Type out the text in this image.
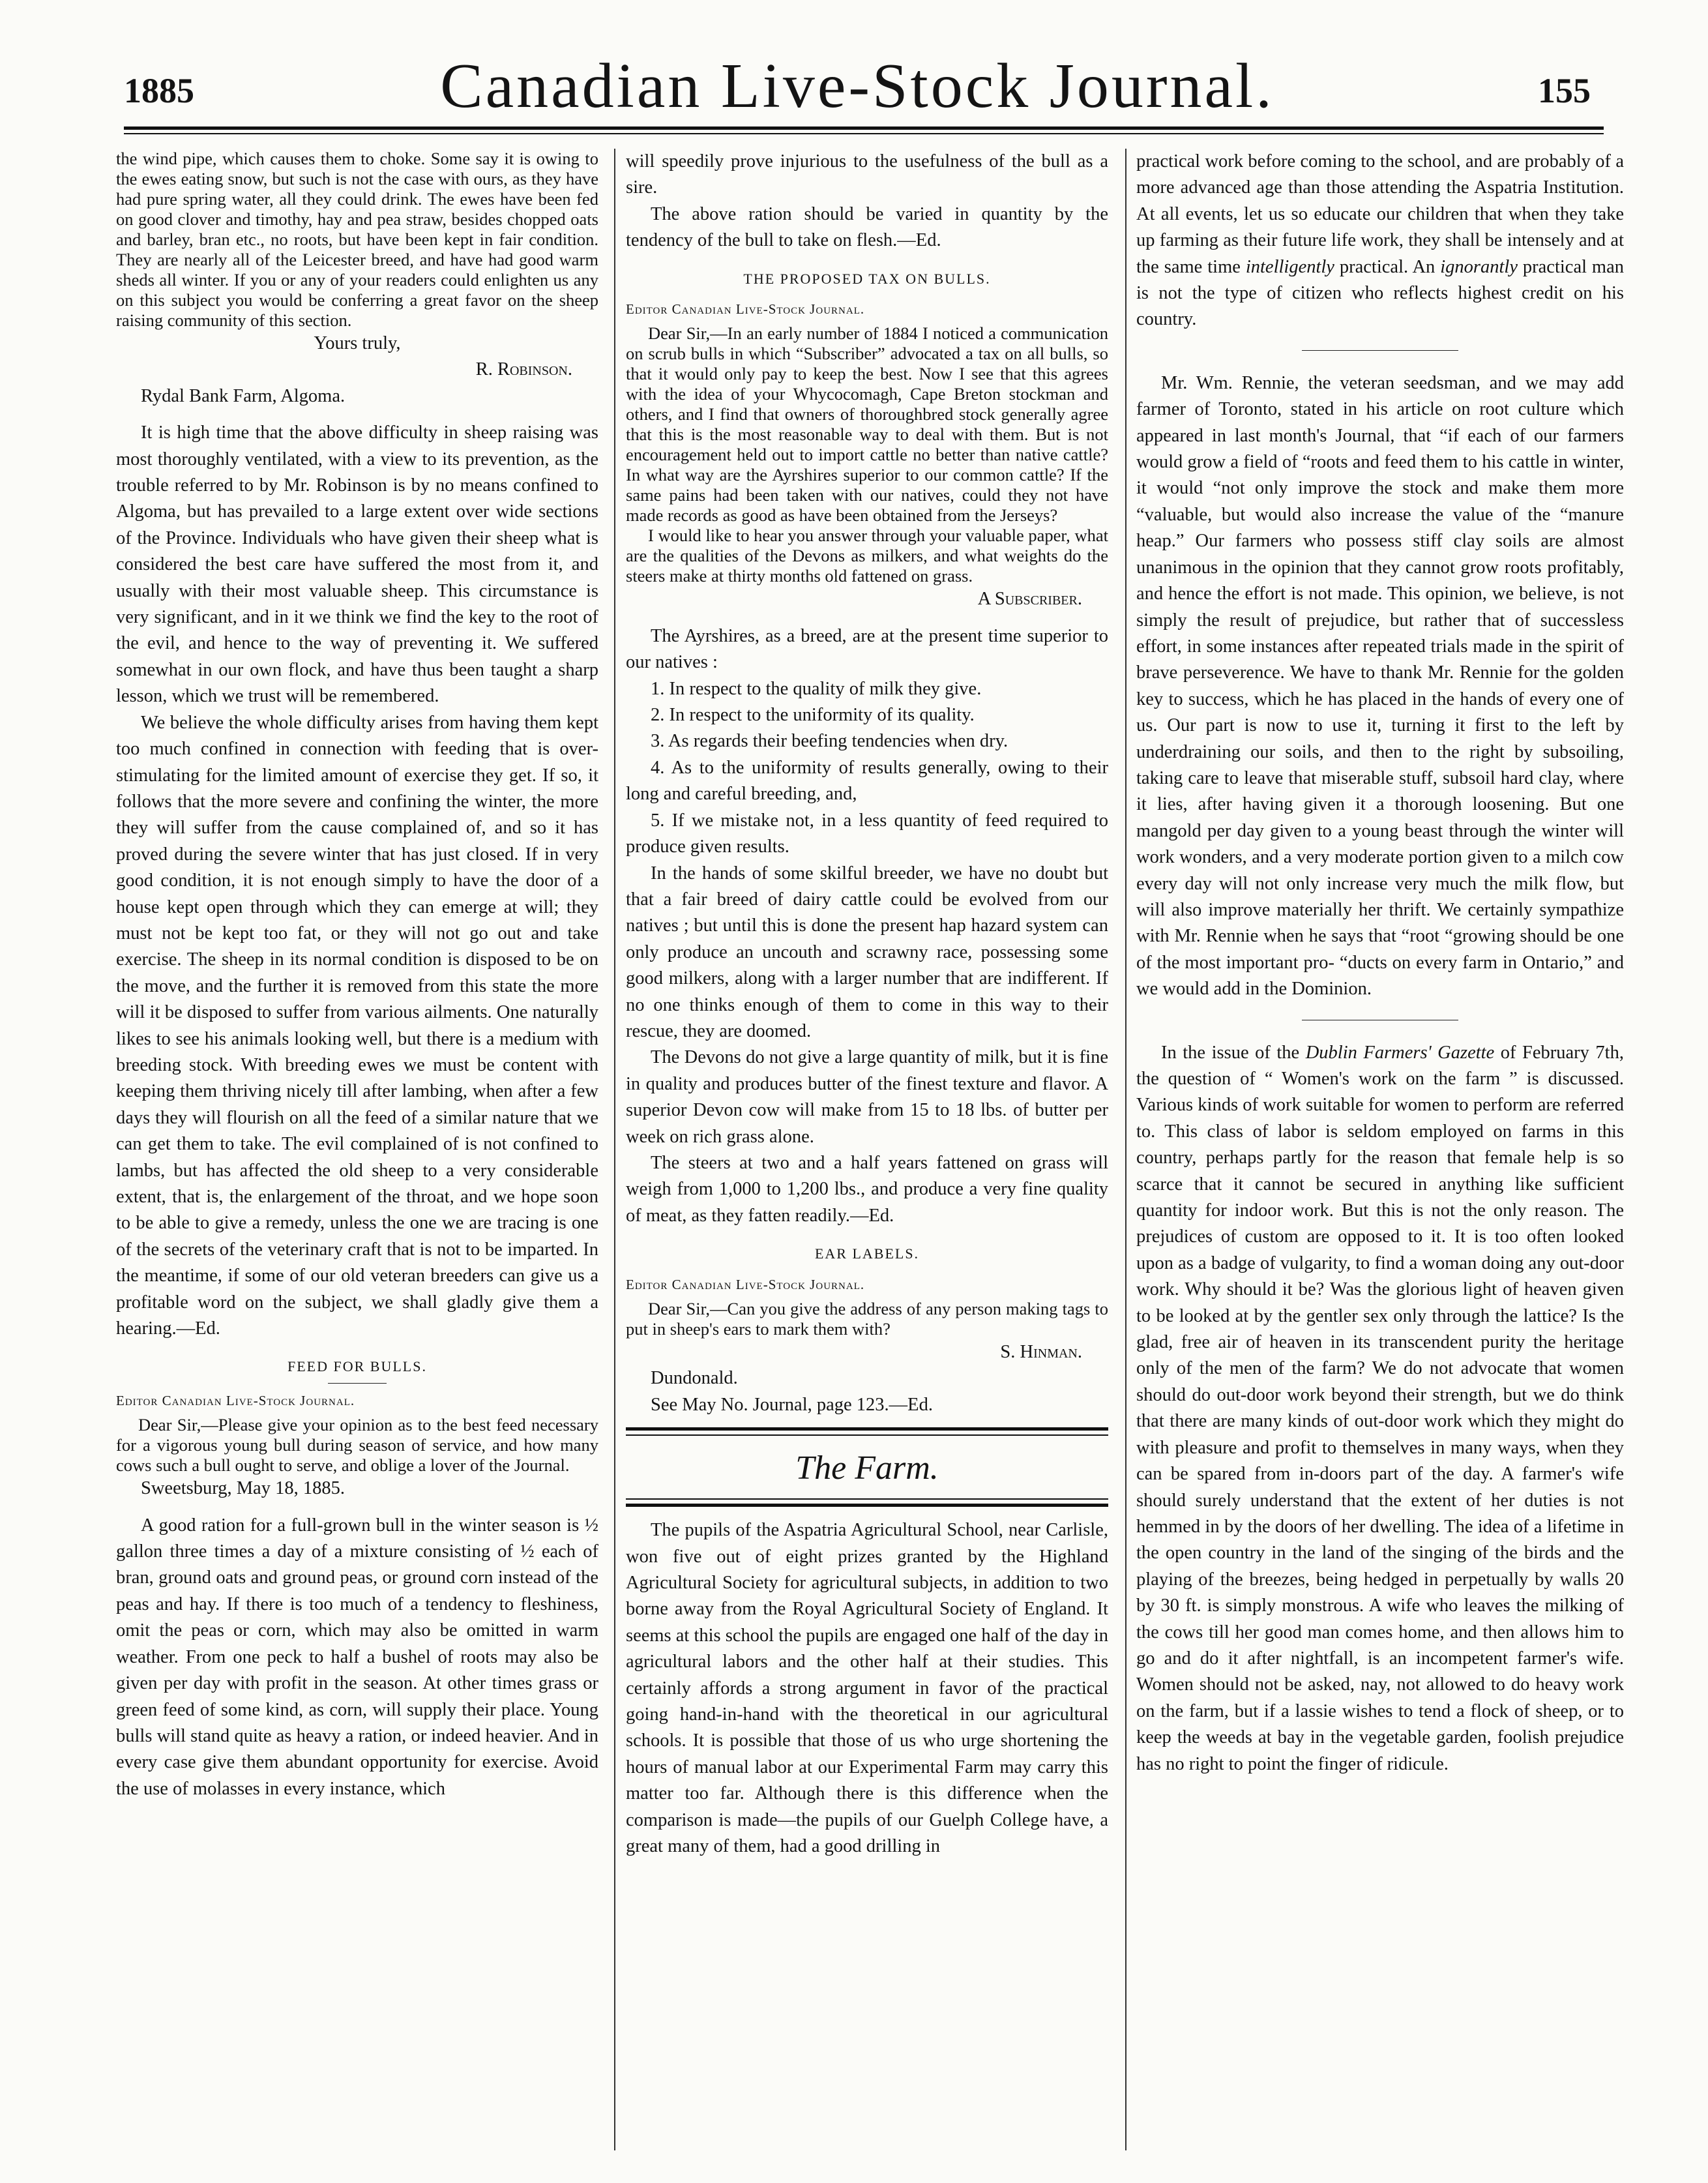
1885	Canadian Live-Stock Journal.	155

the wind pipe, which causes them to choke. Some say it is owing to the ewes eating snow, but such is not the case with ours, as they have had pure spring water, all they could drink. The ewes have been fed on good clover and timothy, hay and pea straw, besides chopped oats and barley, bran etc., no roots, but have been kept in fair condition. They are nearly all of the Leicester breed, and have had good warm sheds all winter. If you or any of your readers could enlighten us any on this subject you would be conferring a great favor on the sheep raising community of this section.

Yours truly,

R. Robinson.

Rydal Bank Farm, Algoma.

It is high time that the above difficulty in sheep raising was most thoroughly ventilated, with a view to its prevention, as the trouble referred to by Mr. Robinson is by no means confined to Algoma, but has prevailed to a large extent over wide sections of the Province. Individuals who have given their sheep what is considered the best care have suffered the most from it, and usually with their most valuable sheep. This circumstance is very significant, and in it we think we find the key to the root of the evil, and hence to the way of preventing it. We suffered somewhat in our own flock, and have thus been taught a sharp lesson, which we trust will be remembered.

We believe the whole difficulty arises from having them kept too much confined in connection with feeding that is over-stimulating for the limited amount of exercise they get. If so, it follows that the more severe and confining the winter, the more they will suffer from the cause complained of, and so it has proved during the severe winter that has just closed. If in very good condition, it is not enough simply to have the door of a house kept open through which they can emerge at will; they must not be kept too fat, or they will not go out and take exercise. The sheep in its normal condition is disposed to be on the move, and the further it is removed from this state the more will it be disposed to suffer from various ailments. One naturally likes to see his animals looking well, but there is a medium with breeding stock. With breeding ewes we must be content with keeping them thriving nicely till after lambing, when after a few days they will flourish on all the feed of a similar nature that we can get them to take. The evil complained of is not confined to lambs, but has affected the old sheep to a very considerable extent, that is, the enlargement of the throat, and we hope soon to be able to give a remedy, unless the one we are tracing is one of the secrets of the veterinary craft that is not to be imparted. In the meantime, if some of our old veteran breeders can give us a profitable word on the subject, we shall gladly give them a hearing.—Ed.

FEED FOR BULLS.

Editor Canadian Live-Stock Journal.

Dear Sir,—Please give your opinion as to the best feed necessary for a vigorous young bull during season of service, and how many cows such a bull ought to serve, and oblige a lover of the Journal.

Sweetsburg, May 18, 1885.

A good ration for a full-grown bull in the winter season is ½ gallon three times a day of a mixture consisting of ½ each of bran, ground oats and ground peas, or ground corn instead of the peas and hay. If there is too much of a tendency to fleshiness, omit the peas or corn, which may also be omitted in warm weather. From one peck to half a bushel of roots may also be given per day with profit in the season. At other times grass or green feed of some kind, as corn, will supply their place. Young bulls will stand quite as heavy a ration, or indeed heavier. And in every case give them abundant opportunity for exercise. Avoid the use of molasses in every instance, which

will speedily prove injurious to the usefulness of the bull as a sire.

The above ration should be varied in quantity by the tendency of the bull to take on flesh.—Ed.

THE PROPOSED TAX ON BULLS.

Editor Canadian Live-Stock Journal.

Dear Sir,—In an early number of 1884 I noticed a communication on scrub bulls in which “Subscriber” advocated a tax on all bulls, so that it would only pay to keep the best. Now I see that this agrees with the idea of your Whycocomagh, Cape Breton stockman and others, and I find that owners of thoroughbred stock generally agree that this is the most reasonable way to deal with them. But is not encouragement held out to import cattle no better than native cattle? In what way are the Ayrshires superior to our common cattle? If the same pains had been taken with our natives, could they not have made records as good as have been obtained from the Jerseys?

I would like to hear you answer through your valuable paper, what are the qualities of the Devons as milkers, and what weights do the steers make at thirty months old fattened on grass.

A Subscriber.

The Ayrshires, as a breed, are at the present time superior to our natives :

1. In respect to the quality of milk they give.

2. In respect to the uniformity of its quality.

3. As regards their beefing tendencies when dry.

4. As to the uniformity of results generally, owing to their long and careful breeding, and,

5. If we mistake not, in a less quantity of feed required to produce given results.

In the hands of some skilful breeder, we have no doubt but that a fair breed of dairy cattle could be evolved from our natives ; but until this is done the present hap hazard system can only produce an uncouth and scrawny race, possessing some good milkers, along with a larger number that are indifferent. If no one thinks enough of them to come in this way to their rescue, they are doomed.

The Devons do not give a large quantity of milk, but it is fine in quality and produces butter of the finest texture and flavor. A superior Devon cow will make from 15 to 18 lbs. of butter per week on rich grass alone.

The steers at two and a half years fattened on grass will weigh from 1,000 to 1,200 lbs., and produce a very fine quality of meat, as they fatten readily.—Ed.

EAR LABELS.

Editor Canadian Live-Stock Journal.

Dear Sir,—Can you give the address of any person making tags to put in sheep's ears to mark them with?

S. Hinman.

Dundonald.

See May No. Journal, page 123.—Ed.

The Farm.

The pupils of the Aspatria Agricultural School, near Carlisle, won five out of eight prizes granted by the Highland Agricultural Society for agricultural subjects, in addition to two borne away from the Royal Agricultural Society of England. It seems at this school the pupils are engaged one half of the day in agricultural labors and the other half at their studies. This certainly affords a strong argument in favor of the practical going hand-in-hand with the theoretical in our agricultural schools. It is possible that those of us who urge shortening the hours of manual labor at our Experimental Farm may carry this matter too far. Although there is this difference when the comparison is made—the pupils of our Guelph College have, a great many of them, had a good drilling in

practical work before coming to the school, and are probably of a more advanced age than those attending the Aspatria Institution. At all events, let us so educate our children that when they take up farming as their future life work, they shall be intensely and at the same time intelligently practical. An ignorantly practical man is not the type of citizen who reflects highest credit on his country.

Mr. Wm. Rennie, the veteran seedsman, and we may add farmer of Toronto, stated in his article on root culture which appeared in last month's Journal, that “if each of our farmers would grow a field of “roots and feed them to his cattle in winter, it would “not only improve the stock and make them more “valuable, but would also increase the value of the “manure heap.” Our farmers who possess stiff clay soils are almost unanimous in the opinion that they cannot grow roots profitably, and hence the effort is not made. This opinion, we believe, is not simply the result of prejudice, but rather that of successless effort, in some instances after repeated trials made in the spirit of brave perseverence. We have to thank Mr. Rennie for the golden key to success, which he has placed in the hands of every one of us. Our part is now to use it, turning it first to the left by underdraining our soils, and then to the right by subsoiling, taking care to leave that miserable stuff, subsoil hard clay, where it lies, after having given it a thorough loosening. But one mangold per day given to a young beast through the winter will work wonders, and a very moderate portion given to a milch cow every day will not only increase very much the milk flow, but will also improve materially her thrift. We certainly sympathize with Mr. Rennie when he says that “root “growing should be one of the most important pro- “ducts on every farm in Ontario,” and we would add in the Dominion.

In the issue of the Dublin Farmers' Gazette of February 7th, the question of “ Women's work on the farm ” is discussed. Various kinds of work suitable for women to perform are referred to. This class of labor is seldom employed on farms in this country, perhaps partly for the reason that female help is so scarce that it cannot be secured in anything like sufficient quantity for indoor work. But this is not the only reason. The prejudices of custom are opposed to it. It is too often looked upon as a badge of vulgarity, to find a woman doing any out-door work. Why should it be? Was the glorious light of heaven given to be looked at by the gentler sex only through the lattice? Is the glad, free air of heaven in its transcendent purity the heritage only of the men of the farm? We do not advocate that women should do out-door work beyond their strength, but we do think that there are many kinds of out-door work which they might do with pleasure and profit to themselves in many ways, when they can be spared from in-doors part of the day. A farmer's wife should surely understand that the extent of her duties is not hemmed in by the doors of her dwelling. The idea of a lifetime in the open country in the land of the singing of the birds and the playing of the breezes, being hedged in perpetually by walls 20 by 30 ft. is simply monstrous. A wife who leaves the milking of the cows till her good man comes home, and then allows him to go and do it after nightfall, is an incompetent farmer's wife. Women should not be asked, nay, not allowed to do heavy work on the farm, but if a lassie wishes to tend a flock of sheep, or to keep the weeds at bay in the vegetable garden, foolish prejudice has no right to point the finger of ridicule.
